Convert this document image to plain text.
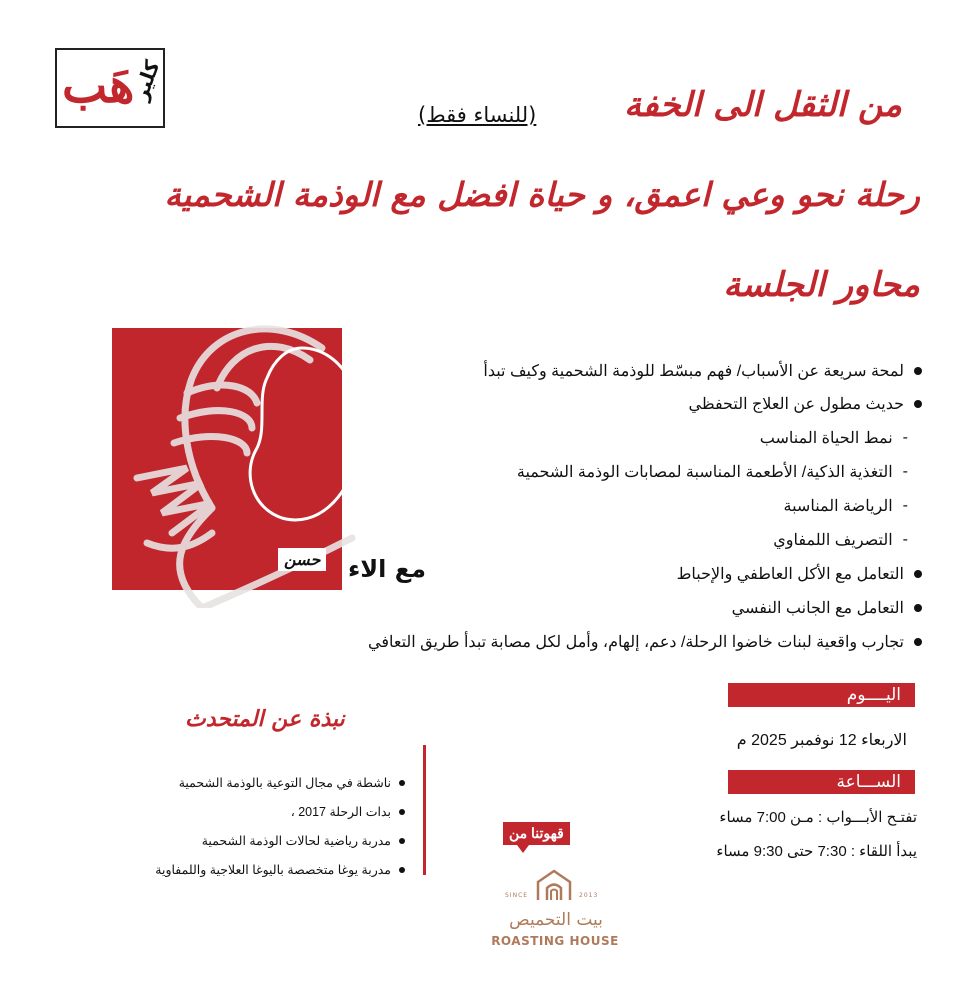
هَب
كلير
من الثقل الى الخفة
(للنساء فقط)
رحلة نحو وعي اعمق، و حياة افضل مع الوذمة الشحمية
محاور الجلسة
حسن	مع الاء
لمحة سريعة عن الأسباب/ فهم مبسّط للوذمة الشحمية وكيف تبدأ
حديث مطول عن العلاج التحفظي
-
نمط الحياة المناسب
-
التغذية الذكية/ الأطعمة المناسبة لمصابات الوذمة الشحمية
-
الرياضة المناسبة
-
التصريف اللمفاوي
التعامل مع الأكل العاطفي والإحباط
التعامل مع الجانب النفسي
تجارب واقعية لبنات خاضوا الرحلة/ دعم، إلهام، وأمل لكل مصابة تبدأ طريق التعافي
اليــــوم
الاربعاء 12 نوفمبر 2025 م
الســـاعة
تفتـح الأبـــواب : مـن 7:00 مساء
يبدأ اللقاء : 7:30 حتى 9:30 مساء
نبذة عن المتحدث
ناشطة في مجال التوعية بالوذمة الشحمية
بدات الرحلة 2017 ،
مدربة رياضية لحالات الوذمة الشحمية
مدربة يوغا متخصصة باليوغا العلاجية واللمفاوية
قهوتنا من
SINCE	2013
بيت التحميص
ROASTING HOUSE
